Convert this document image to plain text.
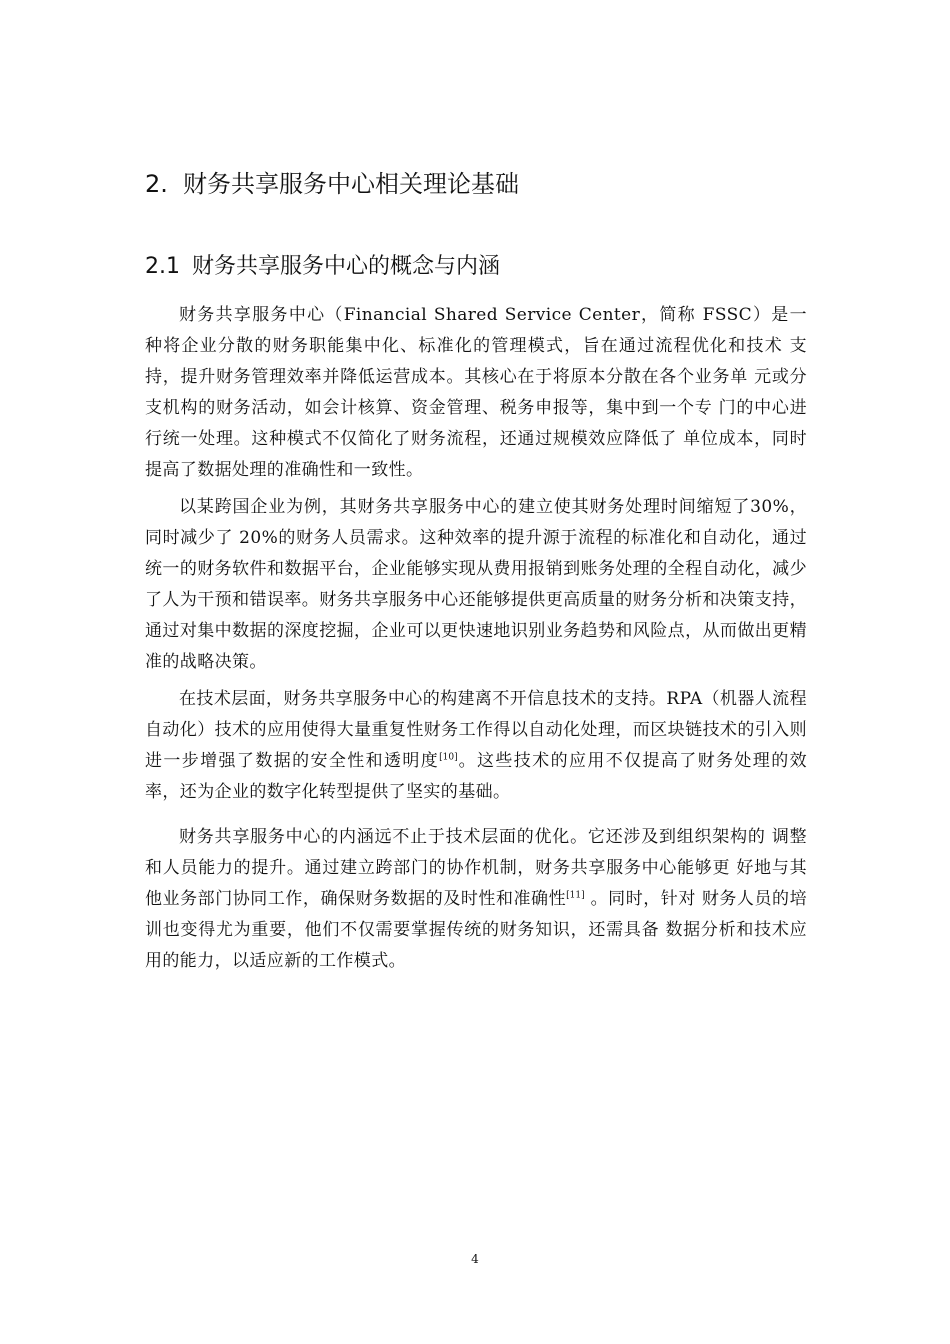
2. 财务共享服务中心相关理论基础
2.1 财务共享服务中心的概念与内涵

财务共享服务中心（Financial Shared Service Center，简称 FSSC）是一 种将企业分散的财务职能集中化、标准化的管理模式，旨在通过流程优化和技术 支持，提升财务管理效率并降低运营成本。其核心在于将原本分散在各个业务单 元或分支机构的财务活动，如会计核算、资金管理、税务申报等，集中到一个专 门的中心进行统一处理。这种模式不仅简化了财务流程，还通过规模效应降低了 单位成本，同时提高了数据处理的准确性和一致性。

以某跨国企业为例，其财务共享服务中心的建立使其财务处理时间缩短了30%，同时减少了 20%的财务人员需求。这种效率的提升源于流程的标准化和自动化，通过统一的财务软件和数据平台，企业能够实现从费用报销到账务处理的全程自动化，减少了人为干预和错误率。财务共享服务中心还能够提供更高质量的财务分析和决策支持，通过对集中数据的深度挖掘，企业可以更快速地识别业务趋势和风险点，从而做出更精准的战略决策。

在技术层面，财务共享服务中心的构建离不开信息技术的支持。RPA（机器人流程自动化）技术的应用使得大量重复性财务工作得以自动化处理，而区块链技术的引入则进一步增强了数据的安全性和透明度[10]。这些技术的应用不仅提高了财务处理的效率，还为企业的数字化转型提供了坚实的基础。

财务共享服务中心的内涵远不止于技术层面的优化。它还涉及到组织架构的 调整和人员能力的提升。通过建立跨部门的协作机制，财务共享服务中心能够更 好地与其他业务部门协同工作，确保财务数据的及时性和准确性[11] 。同时，针对 财务人员的培训也变得尤为重要，他们不仅需要掌握传统的财务知识，还需具备 数据分析和技术应用的能力，以适应新的工作模式。

4
